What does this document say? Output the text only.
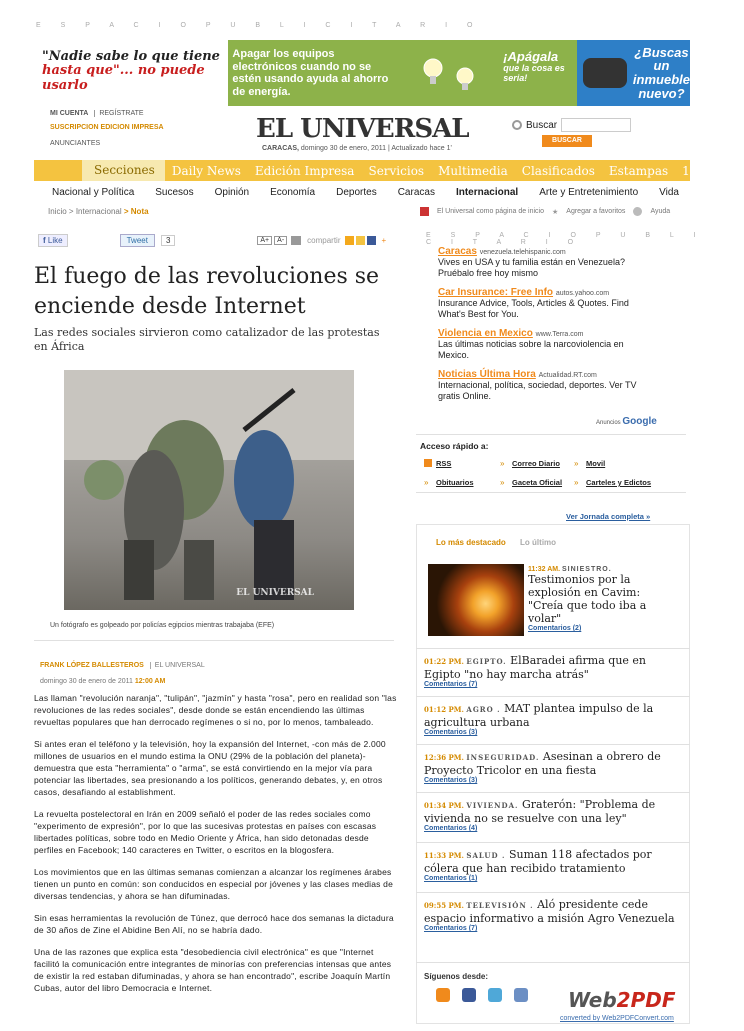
E S P A C I O P U B L I C I T A R I O
"Nadie sabe lo que tiene
hasta que"... no puede usarlo
Apagar los equipos electrónicos cuando no se estén usando ayuda al ahorro de energía.
¡Apágala
que la cosa es seria!
¿Buscas un inmueble nuevo?
MI CUENTA REGÍSTRATE
SUSCRIPCION EDICION IMPRESA
ANUNCIANTES	EL UNIVERSAL
CARACAS, domingo 30 de enero, 2011 | Actualizado hace 1'
Buscar
BUSCAR
Secciones	Daily News	Edición Impresa	Servicios	Multimedia	Clasificados	Estampas	101 años
Nacional y Política Sucesos Opinión Economía Deportes Caracas Internacional Arte y Entretenimiento Vida
Inicio > Internacional > Nota	El Universal como página de inicio ★ Agregar a favoritos	Ayuda
f Like	Tweet	3	A+	A-	compartir	+
El fuego de las revoluciones se enciende desde Internet
Las redes sociales sirvieron como catalizador de las protestas en África
EL UNIVERSAL
Un fotógrafo es golpeado por policías egipcios mientras trabajaba (EFE)
FRANK LÓPEZ BALLESTEROS EL UNIVERSAL
domingo 30 de enero de 2011 12:00 AM

Las llaman "revolución naranja", "tulipán", "jazmín" y hasta "rosa", pero en realidad son "las revoluciones de las redes sociales", desde donde se están encendiendo las últimas revueltas populares que han derrocado regímenes o si no, por lo menos, tambaleado.

Si antes eran el teléfono y la televisión, hoy la expansión del Internet, -con más de 2.000 millones de usuarios en el mundo estima la ONU (29% de la población del planeta)- demuestra que esta "herramienta" o "arma", se está convirtiendo en la mejor vía para potenciar las libertades, sea presionando a los políticos, generando debates, y, en otros casos, desafiando al establishment.

La revuelta postelectoral en Irán en 2009 señaló el poder de las redes sociales como "experimento de expresión", por lo que las sucesivas protestas en países con escasas libertades políticas, sobre todo en Medio Oriente y África, han sido detonadas desde perfiles en Facebook; 140 caracteres en Twitter, o escritos en la blogosfera.

Los movimientos que en las últimas semanas comienzan a alcanzar los regímenes árabes tienen un punto en común: son conducidos en especial por jóvenes y las clases medias de diversas tendencias, y ahora se han difuminadas.

Sin esas herramientas la revolución de Túnez, que derrocó hace dos semanas la dictadura de 30 años de Zine el Abidine Ben Alí, no se habría dado.

Una de las razones que explica esta "desobediencia civil electrónica" es que "Internet facilitó la comunicación entre integrantes de minorías con preferencias intensas que antes de existir la red estaban difuminadas, y ahora se han encontrado", escribe Joaquín Martín Cubas, autor del libro Democracia e Internet.

E S P A C I O P U B L I C I T A R I O
Caracas venezuela.telehispanic.com
Vives en USA y tu familia están en Venezuela? Pruébalo free hoy mismo
Car Insurance: Free Info autos.yahoo.com
Insurance Advice, Tools, Articles & Quotes. Find What's Best for You.
Violencia en Mexico www.Terra.com
Las últimas noticias sobre la narcoviolencia en Mexico.
Noticias Última Hora Actualidad.RT.com
Internacional, política, sociedad, deportes. Ver TV gratis Online.
Anuncios Google
Acceso rápido a:
RSS	» Correo Diario	» Movil
» Obituarios	» Gaceta Oficial	» Carteles y Edictos
Ver Jornada completa »
Lo más destacado Lo último
11:32 AM. SINIESTRO.
Testimonios por la explosión en Cavim: "Creía que todo iba a volar"
Comentarios (2)
01:22 PM. EGIPTO. ElBaradei afirma que en Egipto "no hay marcha atrás"
Comentarios (7)
01:12 PM. AGRO . MAT plantea impulso de la agricultura urbana
Comentarios (3)
12:36 PM. INSEGURIDAD. Asesinan a obrero de Proyecto Tricolor en una fiesta
Comentarios (3)
01:34 PM. VIVIENDA. Graterón: "Problema de vivienda no se resuelve con una ley"
Comentarios (4)
11:33 PM. SALUD . Suman 118 afectados por cólera que han recibido tratamiento
Comentarios (1)
09:55 PM. TELEVISIÓN . Aló presidente cede espacio informativo a misión Agro Venezuela
Comentarios (7)
Síguenos desde:
Web2PDF
converted by Web2PDFConvert.com
